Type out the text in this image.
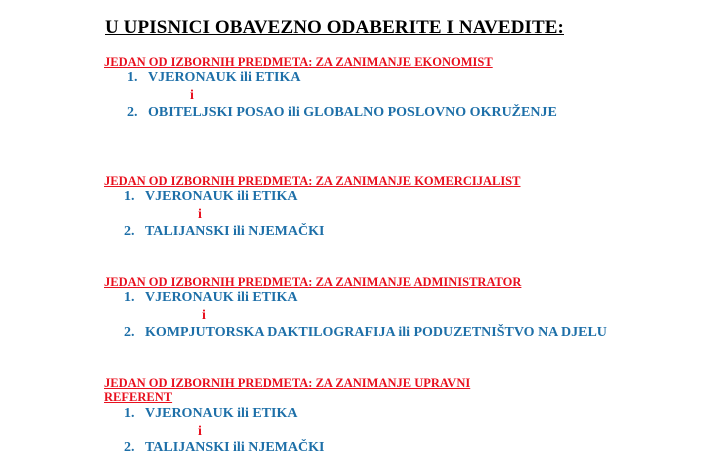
U UPISNICI OBAVEZNO ODABERITE I NAVEDITE:
JEDAN OD IZBORNIH PREDMETA: ZA ZANIMANJE EKONOMIST
1. VJERONAUK ili ETIKA
i
2. OBITELJSKI POSAO ili GLOBALNO POSLOVNO OKRUŽENJE
JEDAN OD IZBORNIH PREDMETA: ZA ZANIMANJE KOMERCIJALIST
1. VJERONAUK ili ETIKA
i
2. TALIJANSKI ili NJEMAČKI
JEDAN OD IZBORNIH PREDMETA: ZA ZANIMANJE ADMINISTRATOR
1. VJERONAUK ili ETIKA
i
2. KOMPJUTORSKA DAKTILOGRAFIJA ili PODUZETNIŠTVO NA DJELU
JEDAN OD IZBORNIH PREDMETA: ZA ZANIMANJE UPRAVNI REFERENT
1. VJERONAUK ili ETIKA
i
2. TALIJANSKI ili NJEMAČKI
